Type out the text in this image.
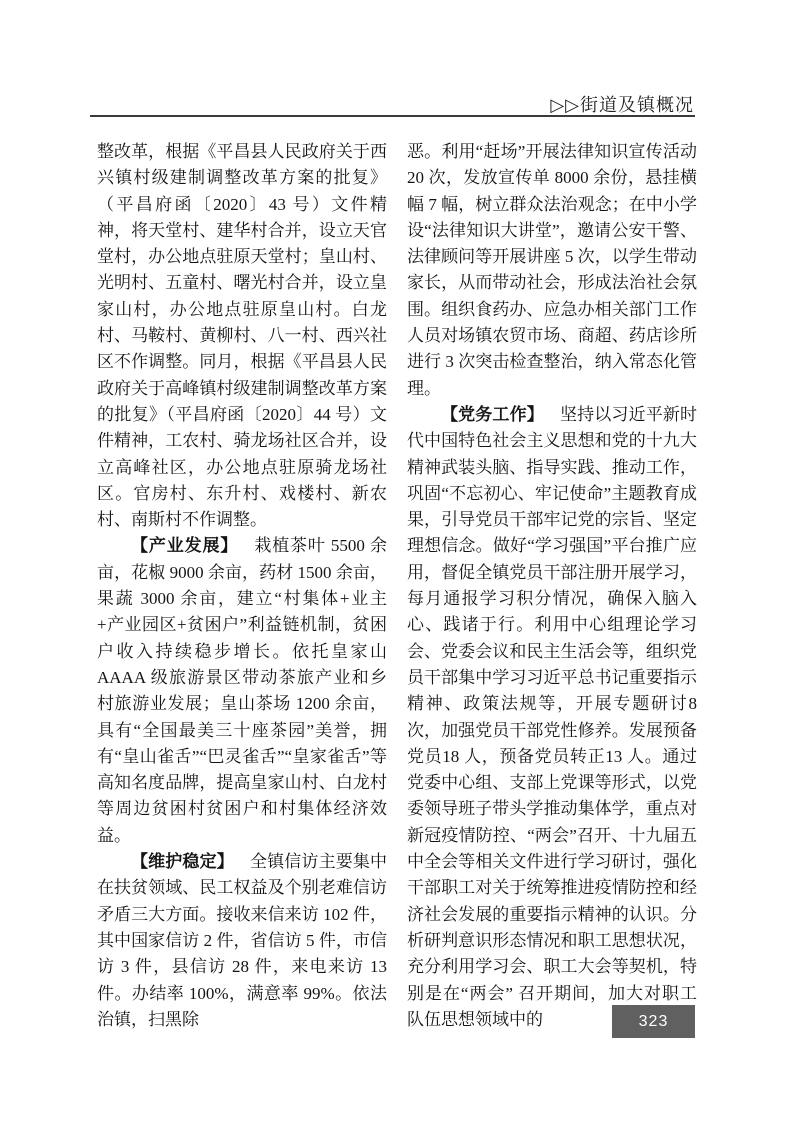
▷▷街道及镇概况

整改革，根据《平昌县人民政府关于西兴镇村级建制调整改革方案的批复》（平昌府函〔2020〕43 号）文件精神，将天堂村、建华村合并，设立天官堂村，办公地点驻原天堂村；皇山村、光明村、五童村、曙光村合并，设立皇家山村，办公地点驻原皇山村。白龙村、马鞍村、黄柳村、八一村、西兴社区不作调整。同月，根据《平昌县人民政府关于高峰镇村级建制调整改革方案的批复》（平昌府函〔2020〕44 号）文件精神，工农村、骑龙场社区合并，设立高峰社区，办公地点驻原骑龙场社区。官房村、东升村、戏楼村、新农村、南斯村不作调整。

【产业发展】 栽植茶叶 5500 余亩，花椒 9000 余亩，药材 1500 余亩，果蔬 3000 余亩，建立“村集体+业主+产业园区+贫困户”利益链机制，贫困户收入持续稳步增长。依托皇家山 AAAA 级旅游景区带动茶旅产业和乡村旅游业发展；皇山茶场 1200 余亩，具有“全国最美三十座茶园”美誉，拥有“皇山雀舌”“巴灵雀舌”“皇家雀舌”等高知名度品牌，提高皇家山村、白龙村等周边贫困村贫困户和村集体经济效益。

【维护稳定】 全镇信访主要集中在扶贫领域、民工权益及个别老难信访矛盾三大方面。接收来信来访 102 件，其中国家信访 2 件，省信访 5 件，市信访 3 件，县信访 28 件，来电来访 13 件。办结率 100%，满意率 99%。依法治镇，扫黑除

恶。利用“赶场”开展法律知识宣传活动 20 次，发放宣传单 8000 余份，悬挂横幅 7 幅，树立群众法治观念；在中小学设“法律知识大讲堂”，邀请公安干警、法律顾问等开展讲座 5 次，以学生带动家长，从而带动社会，形成法治社会氛围。组织食药办、应急办相关部门工作人员对场镇农贸市场、商超、药店诊所进行 3 次突击检查整治，纳入常态化管理。

【党务工作】 坚持以习近平新时代中国特色社会主义思想和党的十九大精神武装头脑、指导实践、推动工作，巩固“不忘初心、牢记使命”主题教育成果，引导党员干部牢记党的宗旨、坚定理想信念。做好“学习强国”平台推广应用，督促全镇党员干部注册开展学习，每月通报学习积分情况，确保入脑入心、践诸于行。利用中心组理论学习会、党委会议和民主生活会等，组织党员干部集中学习习近平总书记重要指示精神、政策法规等，开展专题研讨8 次，加强党员干部党性修养。发展预备党员18 人，预备党员转正13 人。通过党委中心组、支部上党课等形式，以党委领导班子带头学推动集体学，重点对新冠疫情防控、“两会”召开、十九届五中全会等相关文件进行学习研讨，强化干部职工对关于统筹推进疫情防控和经济社会发展的重要指示精神的认识。分析研判意识形态情况和职工思想状况，充分利用学习会、职工大会等契机，特别是在“两会” 召开期间，加大对职工队伍思想领域中的	323
